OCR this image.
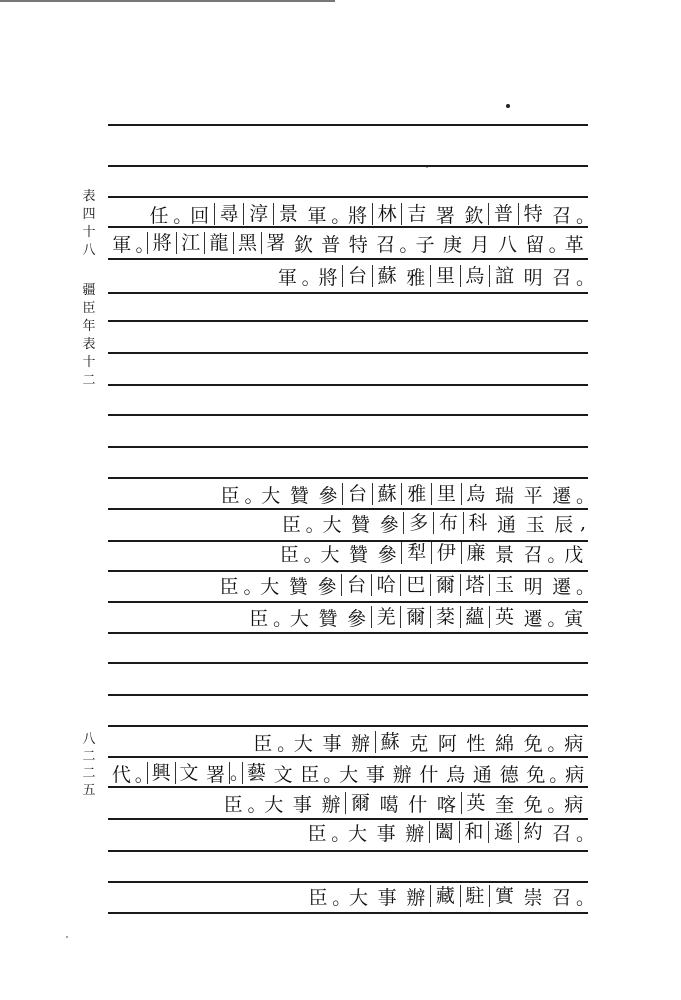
表
四
十
八
疆
臣
年
表
十
二
八
二
二
五
任 。
回 尋 淳 景 軍 。
將 林 吉 署 欽 普 特 召 。
軍 。
將 江 龍 黑 署 欽 普 特 召 。
子 庚 月 八 留 。
革
軍 。
將 台 蘇 雅 里 烏 誼 明 召 。
臣 。
大 贊 參 台 蘇 雅 里 烏 瑞 平 遷 。
臣 。
大 贊 參 多 布 科 通 玉 辰 ,
臣 。
大 贊 參 犁 伊 廉 景 召 。
戊
臣 。
大 贊 參 台 哈 巴 爾 塔 玉 明 遷 。
臣 。
大 贊 參 羌 爾 棻 蘊 英 遷 。
寅
臣 。
大 事 辦 蘇 克 阿 性 綿 免 。
病
代 。
興 文 署 。
藝 文 臣 。
大 事 辦 什 烏 通 德 免 。
病
臣 。
大 事 辦 爾 噶 什 喀 英 奎 免 。
病
臣 。
大 事 辦 闔 和 遜 約 召 。
臣 。
大 事 辦 藏 駐 實 崇 召 。
